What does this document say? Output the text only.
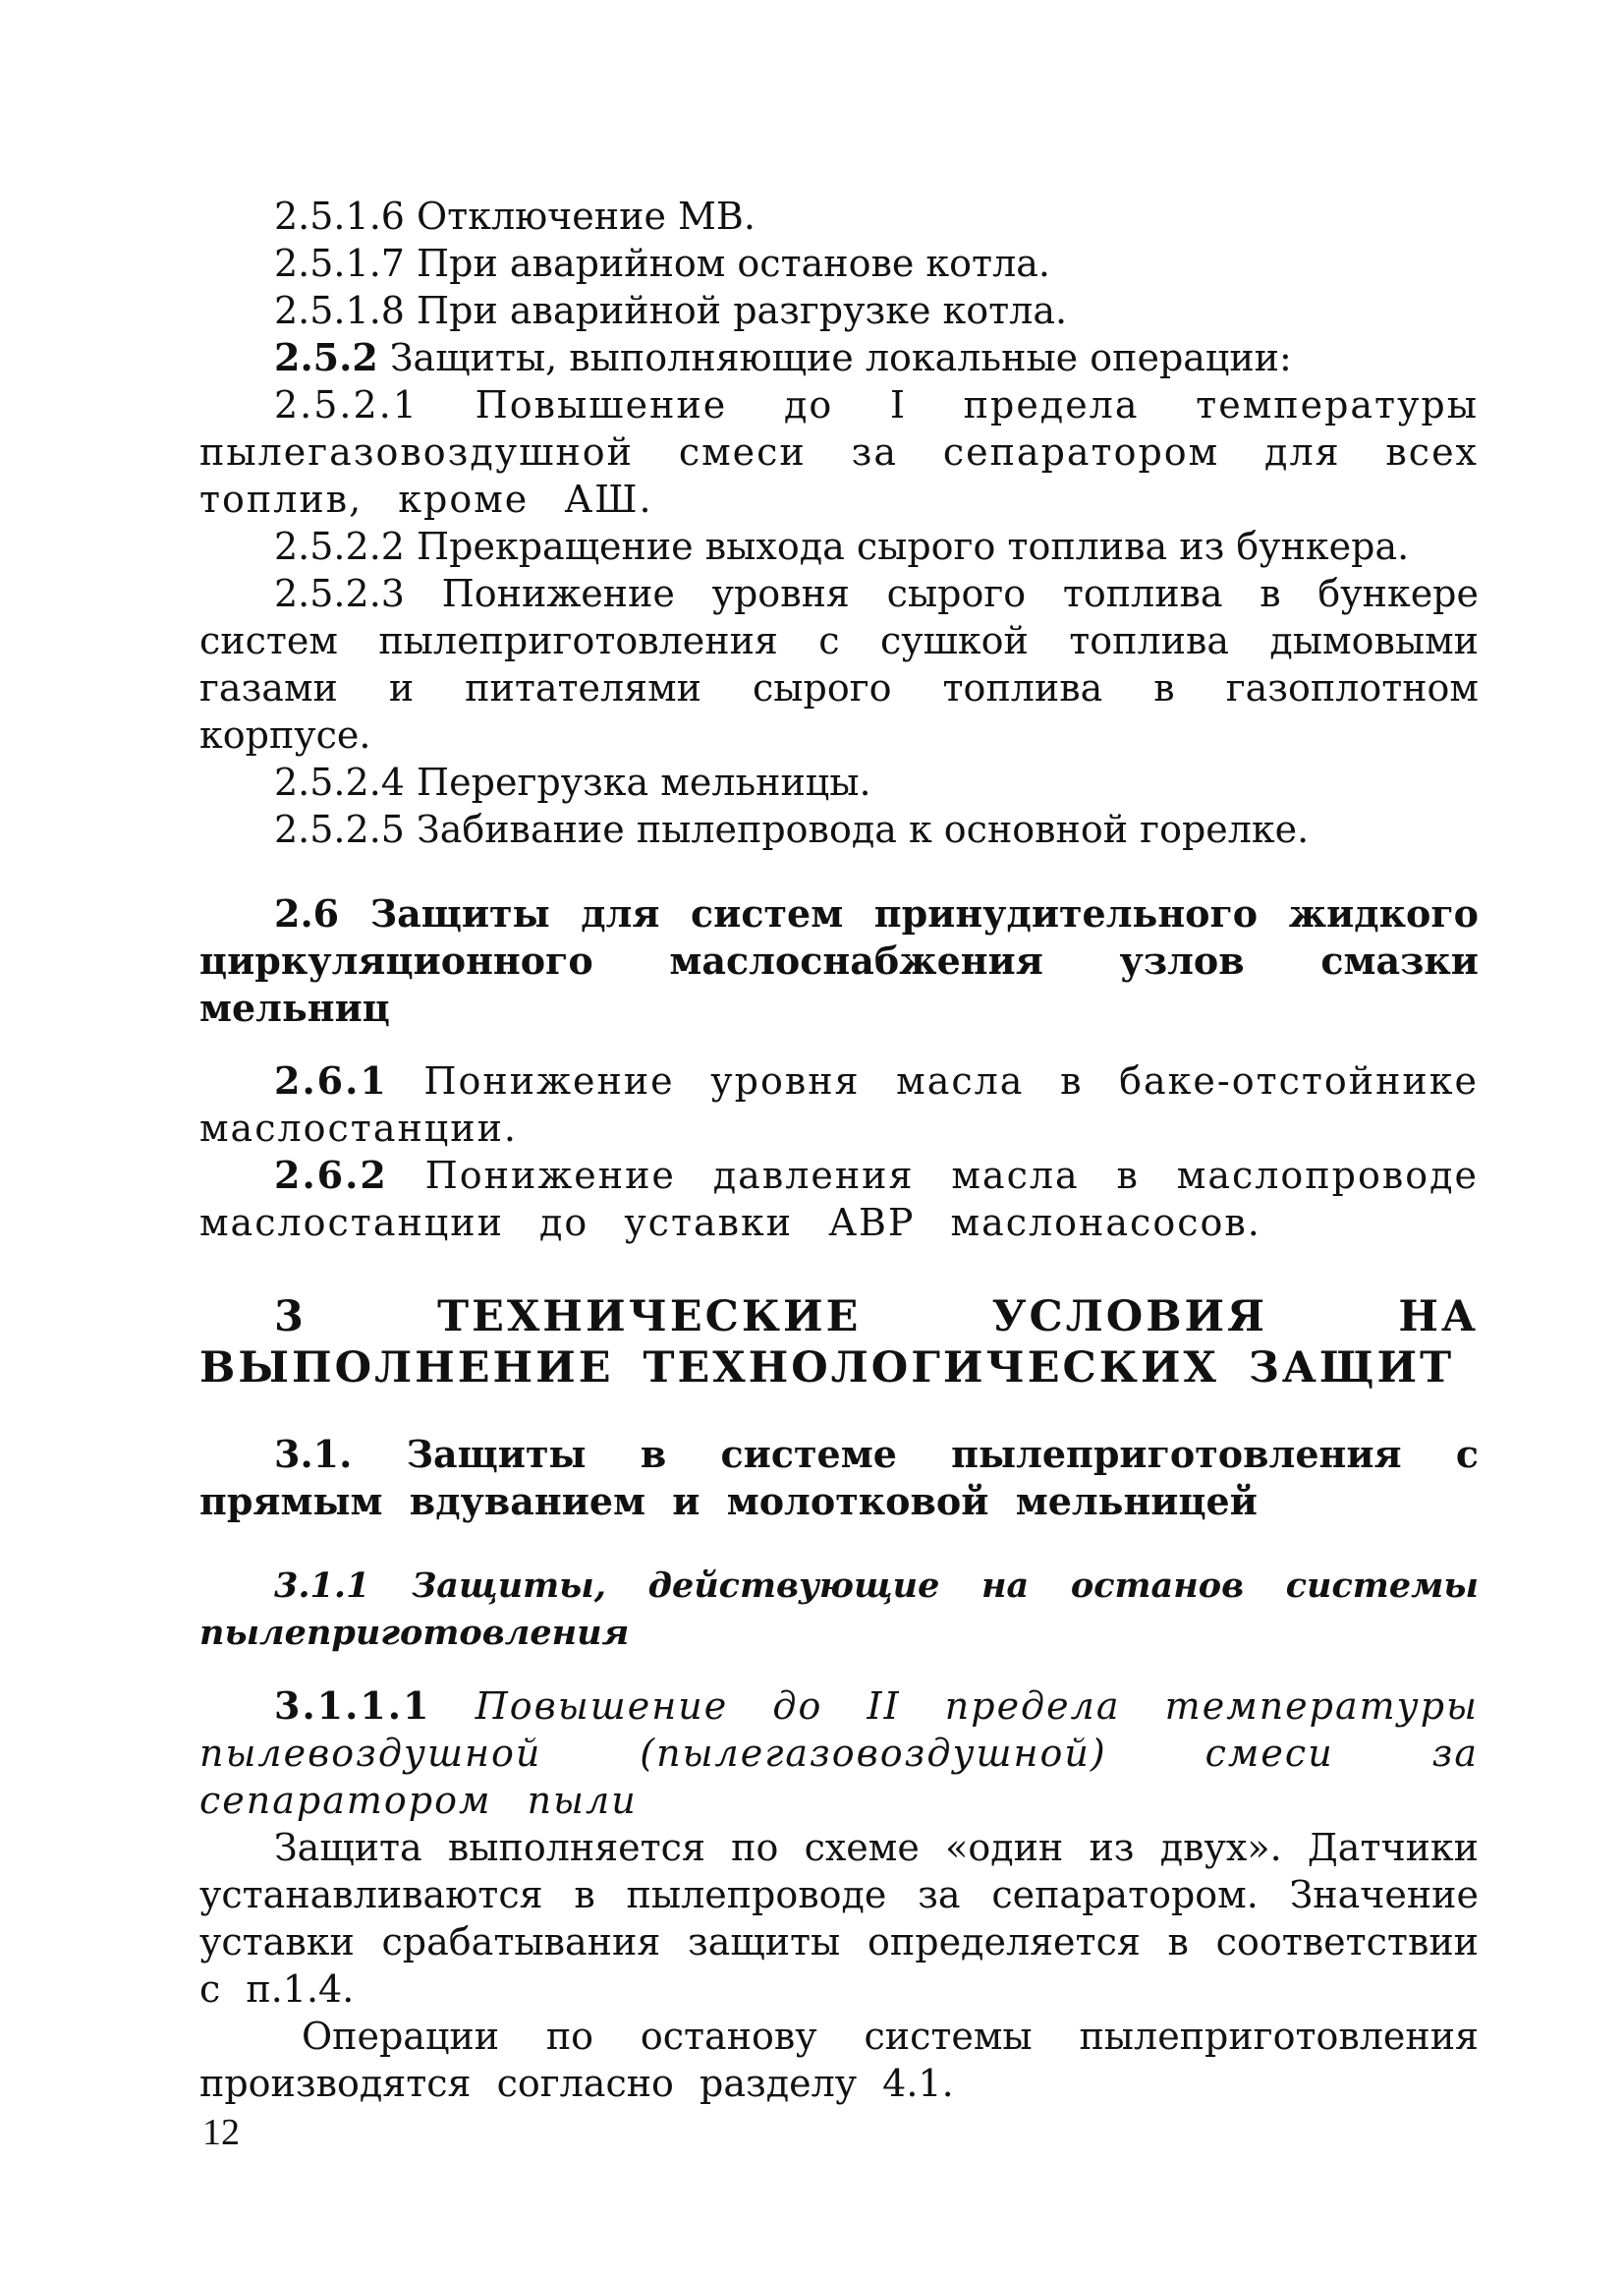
2.5.1.6 Отключение МВ.

2.5.1.7 При аварийном останове котла.

2.5.1.8 При аварийной разгрузке котла.

2.5.2 Защиты, выполняющие локальные операции:

2.5.2.1 Повышение до I предела температуры пылегазовоздушной смеси за сепаратором для всех топлив, кроме АШ.

2.5.2.2 Прекращение выхода сырого топлива из бункера.

2.5.2.3 Понижение уровня сырого топлива в бункере систем пылеприготовления с сушкой топлива дымовыми газами и питателями сырого топлива в газоплотном корпусе.

2.5.2.4 Перегрузка мельницы.

2.5.2.5 Забивание пылепровода к основной горелке.

2.6 Защиты для систем принудительного жидкого циркуляционного маслоснабжения узлов смазки мельниц

2.6.1 Понижение уровня масла в баке-отстойнике маслостанции.

2.6.2 Понижение давления масла в маслопроводе маслостанции до уставки АВР маслонасосов.

3 ТЕХНИЧЕСКИЕ УСЛОВИЯ НА ВЫПОЛНЕНИЕ ТЕХНОЛОГИЧЕСКИХ ЗАЩИТ

3.1. Защиты в системе пылеприготовления с прямым вдуванием и молотковой мельницей

3.1.1 Защиты, действующие на останов системы пылеприготовления

3.1.1.1 Повышение до II предела температуры пылевоздушной (пылегазовоздушной) смеси за сепаратором пыли

Защита выполняется по схеме «один из двух». Датчики устанавливаются в пылепроводе за сепаратором. Значение уставки срабатывания защиты определяется в соответствии с п.1.4.

Операции по останову системы пылеприготовления производятся согласно разделу 4.1.

12
